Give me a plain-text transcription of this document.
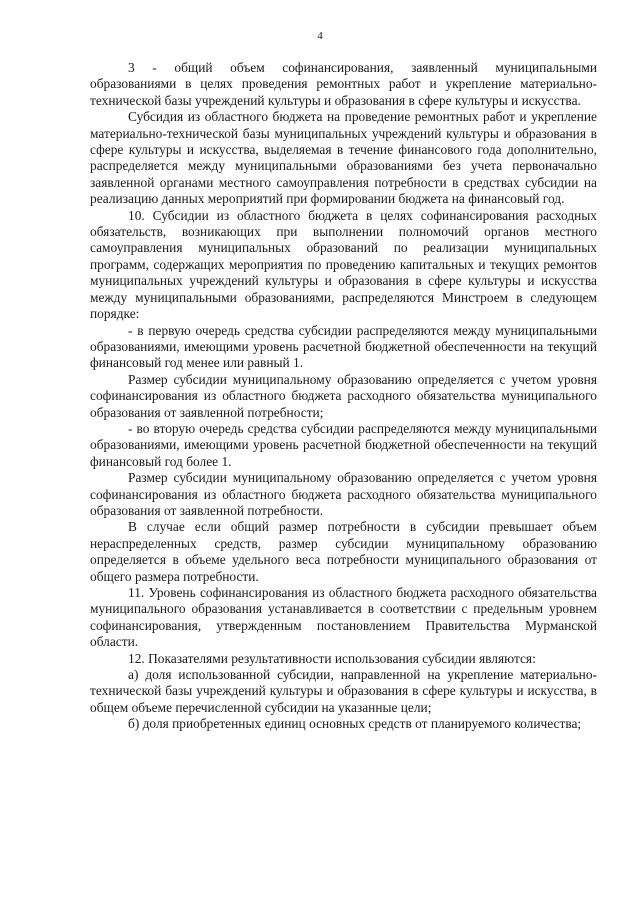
4

3 - общий объем софинансирования, заявленный муниципальными образованиями в целях проведения ремонтных работ и укрепление материально-технической базы учреждений культуры и образования в сфере культуры и искусства.

Субсидия из областного бюджета на проведение ремонтных работ и укрепление материально-технической базы муниципальных учреждений культуры и образования в сфере культуры и искусства, выделяемая в течение финансового года дополнительно, распределяется между муниципальными образованиями без учета первоначально заявленной органами местного самоуправления потребности в средствах субсидии на реализацию данных мероприятий при формировании бюджета на финансовый год.

10. Субсидии из областного бюджета в целях софинансирования расходных обязательств, возникающих при выполнении полномочий органов местного самоуправления муниципальных образований по реализации муниципальных программ, содержащих мероприятия по проведению капитальных и текущих ремонтов муниципальных учреждений культуры и образования в сфере культуры и искусства между муниципальными образованиями, распределяются Минстроем в следующем порядке:

- в первую очередь средства субсидии распределяются между муниципальными образованиями, имеющими уровень расчетной бюджетной обеспеченности на текущий финансовый год менее или равный 1.

Размер субсидии муниципальному образованию определяется с учетом уровня софинансирования из областного бюджета расходного обязательства муниципального образования от заявленной потребности;

- во вторую очередь средства субсидии распределяются между муниципальными образованиями, имеющими уровень расчетной бюджетной обеспеченности на текущий финансовый год более 1.

Размер субсидии муниципальному образованию определяется с учетом уровня софинансирования из областного бюджета расходного обязательства муниципального образования от заявленной потребности.

В случае если общий размер потребности в субсидии превышает объем нераспределенных средств, размер субсидии муниципальному образованию определяется в объеме удельного веса потребности муниципального образования от общего размера потребности.

11. Уровень софинансирования из областного бюджета расходного обязательства муниципального образования устанавливается в соответствии с предельным уровнем софинансирования, утвержденным постановлением Правительства Мурманской области.

12. Показателями результативности использования субсидии являются:

а) доля использованной субсидии, направленной на укрепление материально-технической базы учреждений культуры и образования в сфере культуры и искусства, в общем объеме перечисленной субсидии на указанные цели;

б) доля приобретенных единиц основных средств от планируемого количества;
